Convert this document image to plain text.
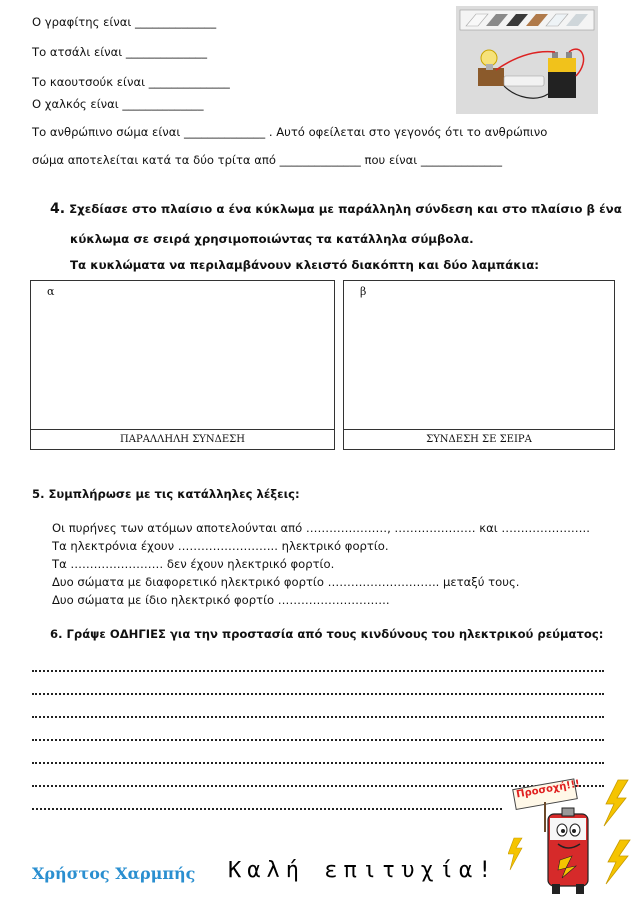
Ο γραφίτης είναι ______________
Το ατσάλι είναι ______________
Το καουτσούκ είναι ______________
Ο χαλκός είναι ______________
Το ανθρώπινο σώμα είναι ______________ . Αυτό οφείλεται στο γεγονός ότι το ανθρώπινο
σώμα αποτελείται κατά τα δύο τρίτα από ______________ που είναι ______________
4. Σχεδίασε στο πλαίσιο α ένα κύκλωμα με παράλληλη σύνδεση και στο πλαίσιο β ένα
κύκλωμα σε σειρά χρησιμοποιώντας τα κατάλληλα σύμβολα.
Τα κυκλώματα να περιλαμβάνουν κλειστό διακόπτη και δύο λαμπάκια:
α
ΠΑΡΑΛΛΗΛΗ ΣΥΝΔΕΣΗ
β
ΣΥΝΔΕΣΗ ΣΕ ΣΕΙΡΑ
5. Συμπλήρωσε με τις κατάλληλες λέξεις:
Οι πυρήνες των ατόμων αποτελούνται από …………………, ………………… και …………………..
Τα ηλεκτρόνια έχουν …………………….. ηλεκτρικό φορτίο.
Τα …………………… δεν έχουν ηλεκτρικό φορτίο.
Δυο σώματα με διαφορετικό ηλεκτρικό φορτίο ……………………….. μεταξύ τους.
Δυο σώματα με ίδιο ηλεκτρικό φορτίο ………………………..
6. Γράψε ΟΔΗΓΙΕΣ για την προστασία από τους κινδύνους του ηλεκτρικού ρεύματος:
Προσοχή!!!
Χρήστος Χαρμπής Καλή επιτυχία!
